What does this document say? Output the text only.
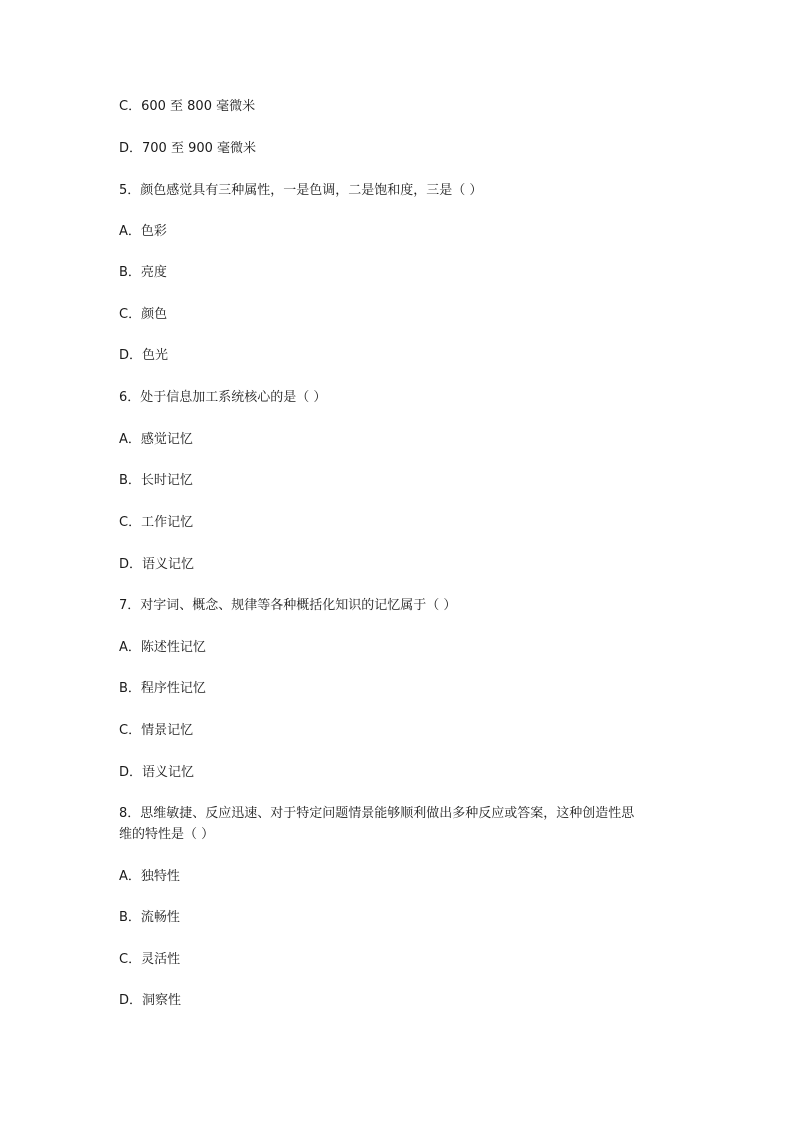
C．600 至 800 毫微米
D．700 至 900 毫微米
5．颜色感觉具有三种属性，一是色调，二是饱和度，三是（ ）
A．色彩
B．亮度
C．颜色
D．色光
6．处于信息加工系统核心的是（ ）
A．感觉记忆
B．长时记忆
C．工作记忆
D．语义记忆
7．对字词、概念、规律等各种概括化知识的记忆属于（ ）
A．陈述性记忆
B．程序性记忆
C．情景记忆
D．语义记忆
8．思维敏捷、反应迅速、对于特定问题情景能够顺利做出多种反应或答案，这种创造性思
维的特性是（ ）
A．独特性
B．流畅性
C．灵活性
D．洞察性
